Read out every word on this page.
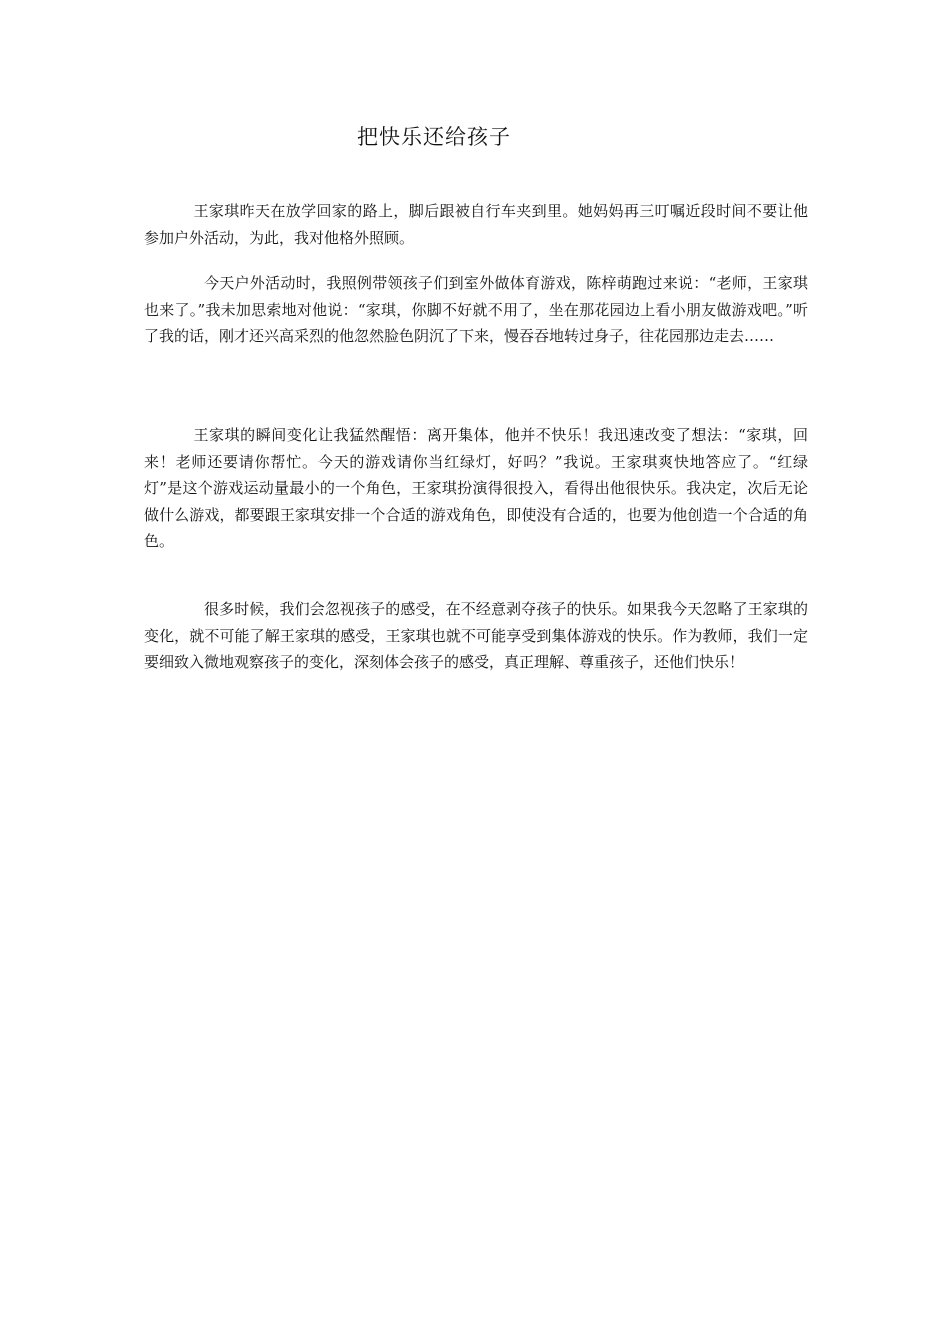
把快乐还给孩子

王家琪昨天在放学回家的路上，脚后跟被自行车夹到里。她妈妈再三叮嘱近段时间不要让他参加户外活动，为此，我对他格外照顾。

今天户外活动时，我照例带领孩子们到室外做体育游戏，陈梓萌跑过来说：“老师，王家琪也来了。”我未加思索地对他说：“家琪，你脚不好就不用了，坐在那花园边上看小朋友做游戏吧。”听了我的话，刚才还兴高采烈的他忽然脸色阴沉了下来，慢吞吞地转过身子，往花园那边走去……

王家琪的瞬间变化让我猛然醒悟：离开集体，他并不快乐！我迅速改变了想法：“家琪，回来！老师还要请你帮忙。今天的游戏请你当红绿灯，好吗？”我说。王家琪爽快地答应了。“红绿灯”是这个游戏运动量最小的一个角色，王家琪扮演得很投入，看得出他很快乐。我决定，次后无论做什么游戏，都要跟王家琪安排一个合适的游戏角色，即使没有合适的，也要为他创造一个合适的角色。

很多时候，我们会忽视孩子的感受，在不经意剥夺孩子的快乐。如果我今天忽略了王家琪的变化，就不可能了解王家琪的感受，王家琪也就不可能享受到集体游戏的快乐。作为教师，我们一定要细致入微地观察孩子的变化，深刻体会孩子的感受，真正理解、尊重孩子，还他们快乐！
